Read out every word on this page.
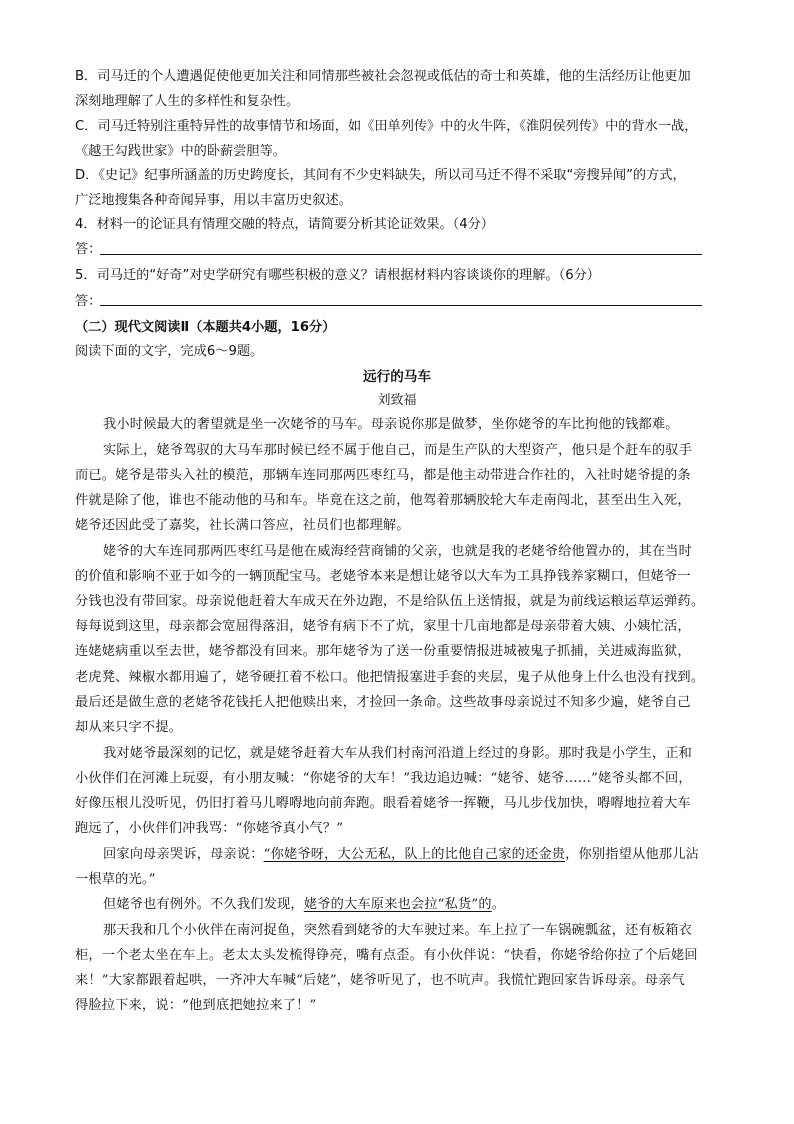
B．司马迁的个人遭遇促使他更加关注和同情那些被社会忽视或低估的奇士和英雄，他的生活经历让他更加
深刻地理解了人生的多样性和复杂性。
C．司马迁特别注重特异性的故事情节和场面，如《田单列传》中的火牛阵，《淮阴侯列传》中的背水一战，
《越王勾践世家》中的卧薪尝胆等。
D．《史记》纪事所涵盖的历史跨度长，其间有不少史料缺失，所以司马迁不得不采取“旁搜异闻”的方式，
广泛地搜集各种奇闻异事，用以丰富历史叙述。
4．材料一的论证具有情理交融的特点，请简要分析其论证效果。（4分）
答：
5．司马迁的“好奇”对史学研究有哪些积极的意义？请根据材料内容谈谈你的理解。（6分）
答：
（二）现代文阅读Ⅱ（本题共4小题，16分）
阅读下面的文字，完成6～9题。
远行的马车
刘致福
我小时候最大的奢望就是坐一次姥爷的马车。母亲说你那是做梦，坐你姥爷的车比拘他的钱都难。
实际上，姥爷驾驭的大马车那时候已经不属于他自己，而是生产队的大型资产，他只是个赶车的驭手
而已。姥爷是带头入社的模范，那辆车连同那两匹枣红马，都是他主动带进合作社的，入社时姥爷提的条
件就是除了他，谁也不能动他的马和车。毕竟在这之前，他驾着那辆胶轮大车走南闯北，甚至出生入死，
姥爷还因此受了嘉奖，社长满口答应，社员们也都理解。
姥爷的大车连同那两匹枣红马是他在威海经营商铺的父亲，也就是我的老姥爷给他置办的，其在当时
的价值和影响不亚于如今的一辆顶配宝马。老姥爷本来是想让姥爷以大车为工具挣钱养家糊口，但姥爷一
分钱也没有带回家。母亲说他赶着大车成天在外边跑，不是给队伍上送情报，就是为前线运粮运草运弹药。
每每说到这里，母亲都会宽屈得落泪，姥爷有病下不了炕，家里十几亩地都是母亲带着大姨、小姨忙活，
连姥姥病重以至去世，姥爷都没有回来。那年姥爷为了送一份重要情报进城被鬼子抓捕，关进威海监狱，
老虎凳、辣椒水都用遍了，姥爷硬扛着不松口。他把情报塞进手套的夹层，鬼子从他身上什么也没有找到。
最后还是做生意的老姥爷花钱托人把他赎出来，才捡回一条命。这些故事母亲说过不知多少遍，姥爷自己
却从来只字不提。
我对姥爷最深刻的记忆，就是姥爷赶着大车从我们村南河沿道上经过的身影。那时我是小学生，正和
小伙伴们在河滩上玩耍，有小朋友喊：“你姥爷的大车！”我边追边喊：“姥爷、姥爷……”姥爷头都不回，
好像压根儿没听见，仍旧打着马儿嘚嘚地向前奔跑。眼看着姥爷一挥鞭，马儿步伐加快，嘚嘚地拉着大车
跑远了，小伙伴们冲我骂：“你姥爷真小气？”
回家向母亲哭诉，母亲说：“你姥爷呀，大公无私，队上的比他自己家的还金贵，你别指望从他那儿沾
一根草的光。”
但姥爷也有例外。不久我们发现，姥爷的大车原来也会拉“私货”的。
那天我和几个小伙伴在南河捉鱼，突然看到姥爷的大车驶过来。车上拉了一车锅碗瓢盆，还有板箱衣
柜，一个老太坐在车上。老太太头发梳得铮亮，嘴有点歪。有小伙伴说：“快看，你姥爷给你拉了个后姥回
来！”大家都跟着起哄，一齐冲大车喊“后姥”，姥爷听见了，也不吭声。我慌忙跑回家告诉母亲。母亲气
得脸拉下来，说：“他到底把她拉来了！”
